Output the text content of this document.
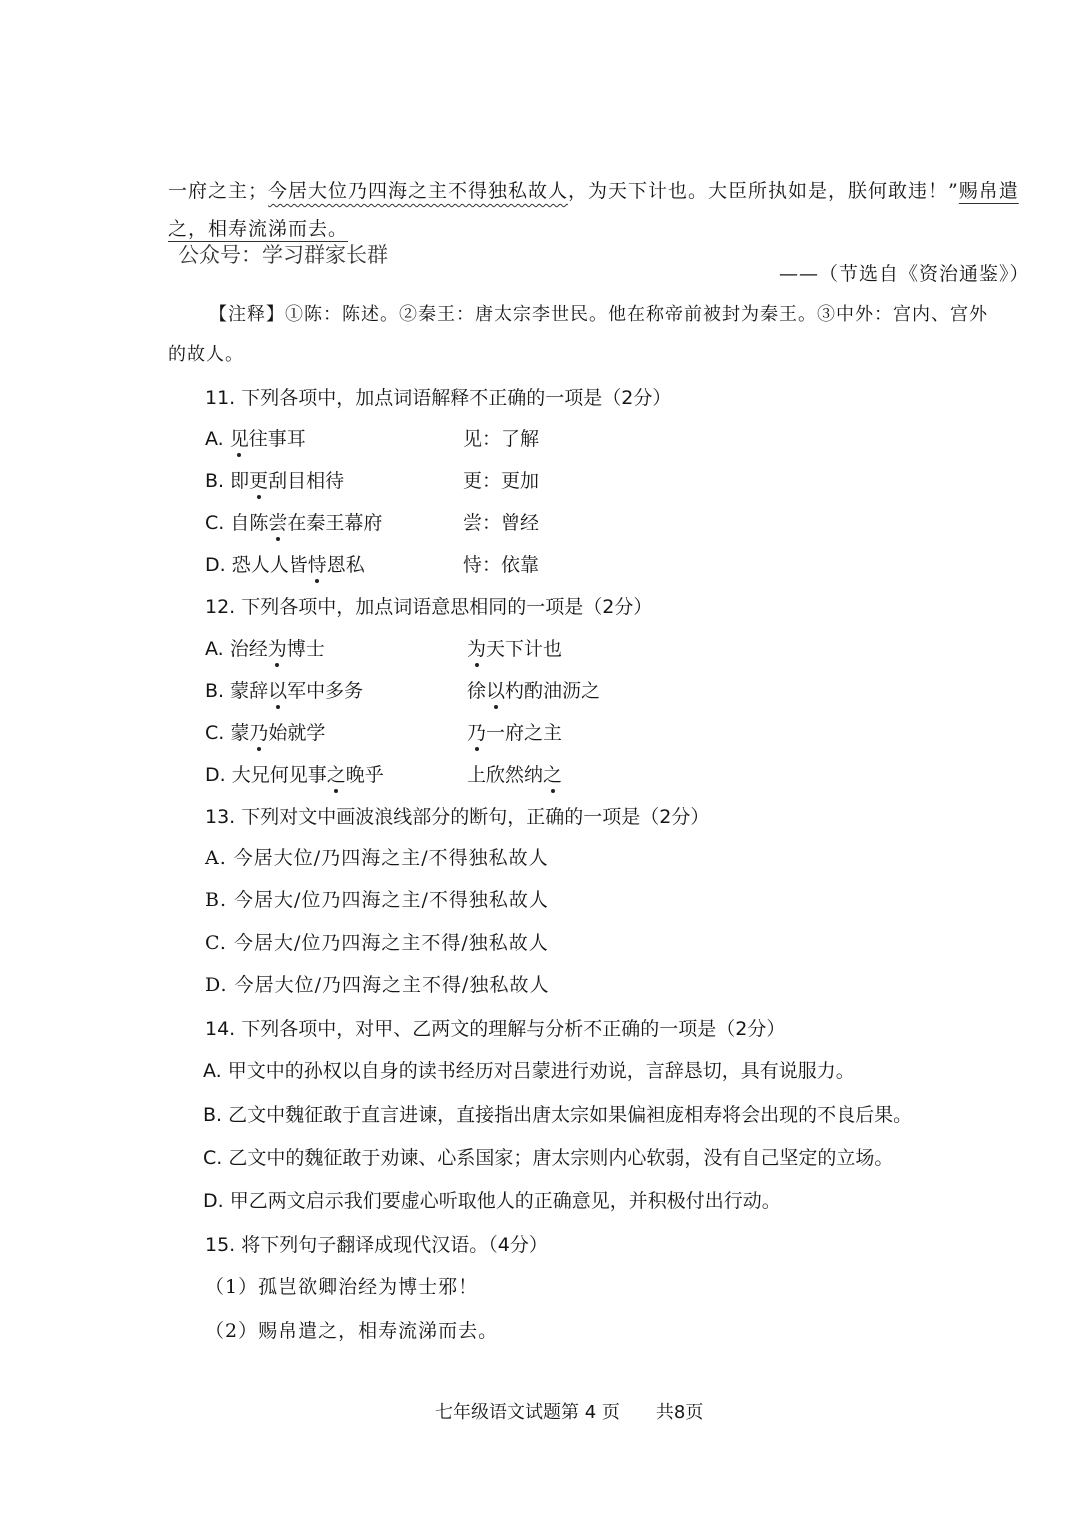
一府之主；今居大位乃四海之主不得独私故人，为天下计也。大臣所执如是，朕何敢违！”赐帛遣
之，相寿流涕而去。
公众号：学习群家长群
——（节选自《资治通鉴》）
【注释】①陈：陈述。②秦王：唐太宗李世民。他在称帝前被封为秦王。③中外：宫内、宫外
的故人。
11. 下列各项中，加点词语解释不正确的一项是（2分）
A. 见往事耳	见：了解
B. 即更刮目相待	更：更加
C. 自陈尝在秦王幕府	尝：曾经
D. 恐人人皆恃恩私	恃：依靠
12. 下列各项中，加点词语意思相同的一项是（2分）
A. 治经为博士	为天下计也
B. 蒙辞以军中多务	徐以杓酌油沥之
C. 蒙乃始就学	乃一府之主
D. 大兄何见事之晚乎	上欣然纳之
13. 下列对文中画波浪线部分的断句，正确的一项是（2分）
A. 今居大位/乃四海之主/不得独私故人
B. 今居大/位乃四海之主/不得独私故人
C. 今居大/位乃四海之主不得/独私故人
D. 今居大位/乃四海之主不得/独私故人
14. 下列各项中，对甲、乙两文的理解与分析不正确的一项是（2分）
A. 甲文中的孙权以自身的读书经历对吕蒙进行劝说，言辞恳切，具有说服力。
B. 乙文中魏征敢于直言进谏，直接指出唐太宗如果偏袒庞相寿将会出现的不良后果。
C. 乙文中的魏征敢于劝谏、心系国家；唐太宗则内心软弱，没有自己坚定的立场。
D. 甲乙两文启示我们要虚心听取他人的正确意见，并积极付出行动。
15. 将下列句子翻译成现代汉语。（4分）
（1）孤岂欲卿治经为博士邪！
（2）赐帛遣之，相寿流涕而去。
七年级语文试题第 4 页　　共8页
